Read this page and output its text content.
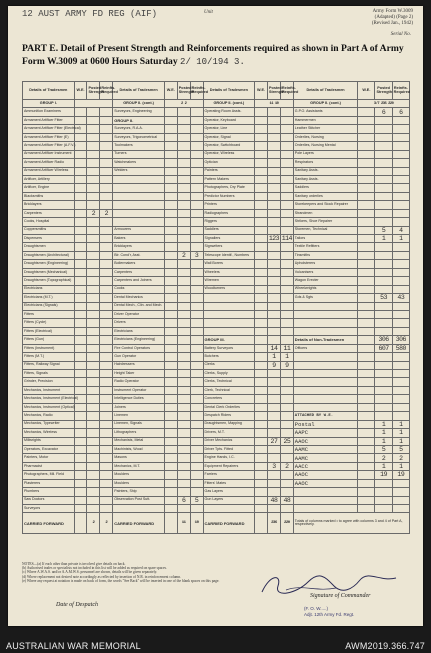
12 AUST ARMY FD REG (AIF)	Unit	Army Form W.3009
(Adapted) (Page 2)
(Revised Jan., 1942)
Serial No.
PART E. Detail of Present Strength and Reinforcements required as shown in Part A of Army Form W.3009 at 0600 Hours Saturday 2/ 10/194 3.
Details of Tradesmen	W.E.	Posted Strength	Reinfts. Required	Details of Tradesmen	W.E.	Posted Strength	Reinfts. Required	Details of Tradesmen	W.E.	Posted Strength	Reinfts. Required	Details of Tradesmen	W.E.	Posted Strength	Reinfts. Required
GROUP I.				GROUP II. (cont.)	2 2			GROUP II. (cont.)	11 10			GROUP II. (cont.)	3/7 236 220		
Ammunition Examiners				Surveyors, Engineering				Operating Room Assts.				G.P.O. Assistants		6	6
Armament Artificer Fitter				GROUP II.				Operator, Keyboard				Hammermen			
Armament Artificer Fitter (Electrical)				Surveyors, R.A.A.				Operator, Line				Leather Stitcher			
Armament Artificer Fitter (E)				Surveyors, Trigonometrical				Operator, Signal				Orderlies, Nursing			
Armament Artificer Fitter (A.F.V.)				Toolmakers				Operator, Switchboard				Orderlies, Nursing Mental			
Armament Artificer Instrument				Turners				Operator, Wireless				Pole Layers			
Armament Artificer Radio				Watchmakers				Optician				Respirators			
Armament Artificer Wireless				Welders				Painters				Sanitary Assts.			
Artificer, Artillery								Pattern Makers				Sanitary Assts.			
Artificer, Engine								Photographers, Dry Plate				Saddlers			
Blacksmiths								Predictor Numbers				Sanitary orderlies			
Bricklayers								Printers				Storekeepers and Stock Repairer			
Carpenters		2	2					Radiographers				Strandmen			
Cooks, Hospital								Riggers				Strikers, Shoe Repairer			
Coppersmiths				Armourers				Saddlers				Storemen, Technical		5	4
Dispensers				Bakers				Signallers		123	114	Tailors		1	1
Draughtsmen				Bricklayers				Signwriters				Textile Refitters			
Draughtsmen (Architectural)				Blr. Cond'r, Asst.		2	3	Telescope Identif., Numbers				Tinsmiths			
Draughtsmen (Engineering)				Boilermakers				Wall Borers				Upholsterers			
Draughtsmen (Mechanical)				Carpenters				Wheelers				Vulcanisers			
Draughtsmen (Topographical)				Carpenters and Joiners				Wiremen				Wagon Erecter			
Electricians				Cooks				Woodturners				Wheelwrights			
Electricians (M.T.)				Dental Mechanics								Gds & Sgts		53	43
Electricians (Signals)				Dental Mech., Clin. and Mech.											
Fitters				Driver Operator											
Fitters (Cycle)				Drivers											
Fitters (Electrical)				Electricians											
Fitters (Gun)				Electricians (Engineering)				GROUP III.				Details of Non-Tradesmen		306	306
Fitters (Instrument)				Fire Control Operators				Battery Surveyors		14	11	Officers		607	580
Fitters (M.T.)				Gun Operator				Butchers		1	1				
Fitters, Railway Signal				Hairdressers				Clerks		9	9				
Fitters, Signals				Height Taker				Clerks, Supply							
Grinder, Precision				Radio Operator				Clerks, Technical							
Mechanics, Instrument				Instrument Operator				Clerk, Technical							
Mechanics, Instrument (Electrical)				Intelligence Duties				Concreters							
Mechanics, Instrument (Optical)				Joiners				Dental Clerk Orderlies							
Mechanics, Radio				Linemen				Despatch Riders				ATTACHED BY W.E.			
Mechanics, Typewriter				Linemen, Signals				Draughtsmen, Mapping				Postal		1	1
Mechanics, Wireless				Lithographers				Drivers, M.T.				AAPC		1	1
Millwrights				Mechanists, Metal				Driver Mechanics		27	25	AAOC		1	1
Operators, Excavator				Machinists, Wood				Driver Tpts. Fitted				AAMC		5	5
Painters, Motor				Masons				Engine Hands, I.C.				AAMC		2	2
Pharmacist				Mechanics, M.T.				Equipment Repairers		3	2	AACC		1	1
Photographers, Mil. Field				Moulders				Farriers				AAOC		19	19
Plasterers				Moulders				Fitters' Mates				AAOC			
Plumbers				Painters, Ship				Gas Layers							
Saw Doctors				Observation Post Sutt.		6	5	Gun Layers		48	48				
Surveyors															
CARRIED FORWARD		2	2	CARRIED FORWARD		11	10	CARRIED FORWARD		236	220	Totals of columns marked • to agree with columns 3 and 4 of Part A, respectively.			
NOTES—(a) If each other than private is involved give details on back.
(b) Authorised trades or specialists not included in this list will be added as required on spare spaces.
(c) Where A.W.A.S. and/or A.A.M.W.S. personnel are shown, details will be given separately.
(d) Where replacement not desired note accordingly as reflected by insertion of N.R. in reinforcement column.
(e) Where any request at notation is made on back of form, the words "See Back" will be inserted in one of the blank spaces on this page.
Signature of Commander
(F. O. W.....)
Adjt. 12th Army Fd. Regt.
Date of Despatch
AUSTRALIAN WAR MEMORIAL	AWM2019.366.747
